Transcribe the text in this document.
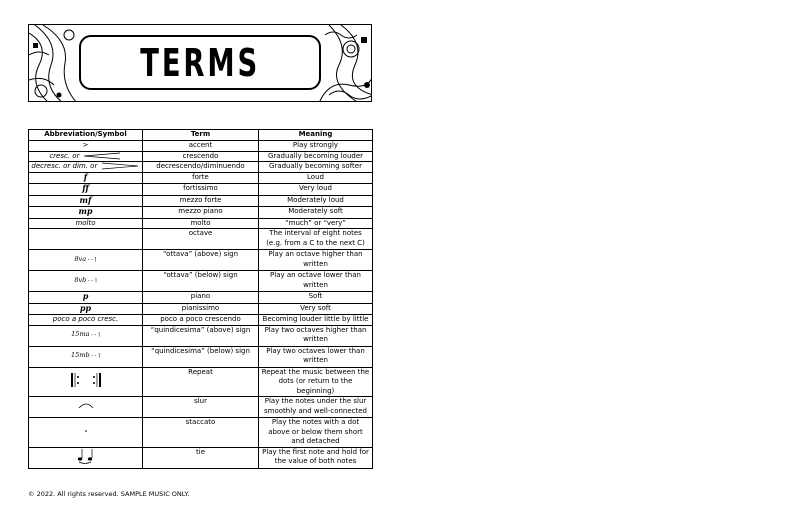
TERMS
Abbreviation/Symbol	Term	Meaning
>	accent	Play strongly
cresc. or	crescendo	Gradually becoming louder
decresc. or dim. or	decrescendo/diminuendo	Gradually becoming softer
f	forte	Loud
ff	fortissimo	Very loud
mf	mezzo forte	Moderately loud
mp	mezzo piano	Moderately soft
molto	molto	“much” or “very”
	octave	The interval of eight notes (e.g. from a C to the next C)
8va - - ⌉	“ottava” (above) sign	Play an octave higher than written
8vb - - ⌉	“ottava” (below) sign	Play an octave lower than written
p	piano	Soft
pp	pianissimo	Very soft
poco a poco cresc.	poco a poco crescendo	Becoming louder little by little
15ma - - ⌉	“quindicesima” (above) sign	Play two octaves higher than written
15mb - - ⌉	“quindicesima” (below) sign	Play two octaves lower than written
	Repeat	Repeat the music between the dots (or return to the beginning)
	slur	Play the notes under the slur smoothly and well-connected
	staccato	Play the notes with a dot above or below them short and detached
	tie	Play the first note and hold for the value of both notes
© 2022. All rights reserved. SAMPLE MUSIC ONLY.
